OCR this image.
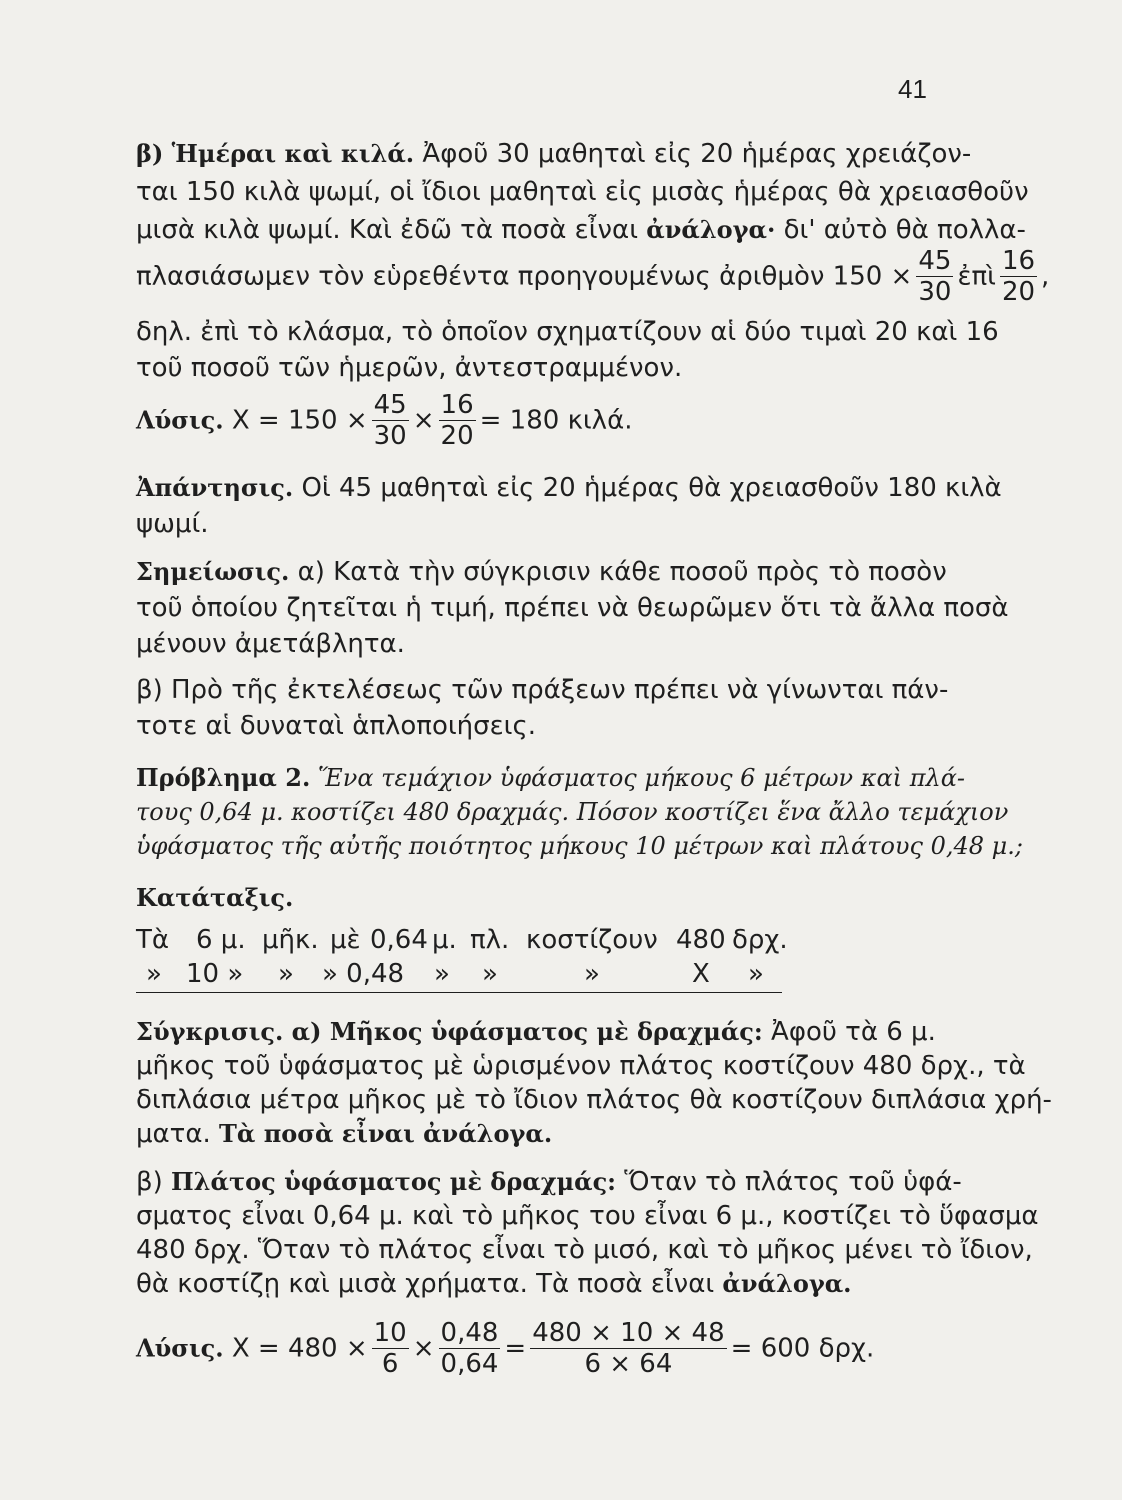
41
β) Ἡμέραι καὶ κιλά. Ἀφοῦ 30 μαθηταὶ εἰς 20 ἡμέρας χρειάζον-
ται 150 κιλὰ ψωμί, οἱ ἴδιοι μαθηταὶ εἰς μισὰς ἡμέρας θὰ χρειασθοῦν
μισὰ κιλὰ ψωμί. Καὶ ἐδῶ τὰ ποσὰ εἶναι ἀνάλογα· δι' αὐτὸ θὰ πολλα-
πλασιάσωμεν τὸν εὑρεθέντα προηγουμένως ἀριθμὸν $150 \times \frac{45}{30}$ ἐπὶ $\frac{16}{20}$ ,
δηλ. ἐπὶ τὸ κλάσμα, τὸ ὁποῖον σχηματίζουν αἱ δύο τιμαὶ 20 καὶ 16
τοῦ ποσοῦ τῶν ἡμερῶν, ἀντεστραμμένον.
Λύσις. $X = 150 \times \frac{45}{30} \times \frac{16}{20} = 180$ κιλά.
Ἀπάντησις. Οἱ 45 μαθηταὶ εἰς 20 ἡμέρας θὰ χρειασθοῦν 180 κιλὰ
ψωμί.
Σημείωσις. α) Κατὰ τὴν σύγκρισιν κάθε ποσοῦ πρὸς τὸ ποσὸν
τοῦ ὁποίου ζητεῖται ἡ τιμή, πρέπει νὰ θεωρῶμεν ὅτι τὰ ἄλλα ποσὰ
μένουν ἀμετάβλητα.
β) Πρὸ τῆς ἐκτελέσεως τῶν πράξεων πρέπει νὰ γίνωνται πάν-
τοτε αἱ δυναταὶ ἁπλοποιήσεις.
Πρόβλημα 2. Ἕνα τεμάχιον ὑφάσματος μήκους 6 μέτρων καὶ πλά-
τους 0,64 μ. κοστίζει 480 δραχμάς. Πόσον κοστίζει ἕνα ἄλλο τεμάχιον
ὑφάσματος τῆς αὐτῆς ποιότητος μήκους 10 μέτρων καὶ πλάτους 0,48 μ.;
Κατάταξις.
Τὰ 6 μ. μῆκ. μὲ 0,64 μ. πλ. κοστίζουν 480 δρχ.
» 10 » » » 0,48 » »	»	X »
Σύγκρισις. α) Μῆκος ὑφάσματος μὲ δραχμάς: Ἀφοῦ τὰ 6 μ.
μῆκος τοῦ ὑφάσματος μὲ ὡρισμένον πλάτος κοστίζουν 480 δρχ., τὰ
διπλάσια μέτρα μῆκος μὲ τὸ ἴδιον πλάτος θὰ κοστίζουν διπλάσια χρή-
ματα. Τὰ ποσὰ εἶναι ἀνάλογα.
β) Πλάτος ὑφάσματος μὲ δραχμάς: Ὅταν τὸ πλάτος τοῦ ὑφά-
σματος εἶναι 0,64 μ. καὶ τὸ μῆκος του εἶναι 6 μ., κοστίζει τὸ ὕφασμα
480 δρχ. Ὅταν τὸ πλάτος εἶναι τὸ μισό, καὶ τὸ μῆκος μένει τὸ ἴδιον,
θὰ κοστίζῃ καὶ μισὰ χρήματα. Τὰ ποσὰ εἶναι ἀνάλογα.
Λύσις. $X = 480 \times \frac{10}{6} \times \frac{0,48}{0,64} = \frac{480 \times 10 \times 48}{6 \times 64} = 600$ δρχ.
